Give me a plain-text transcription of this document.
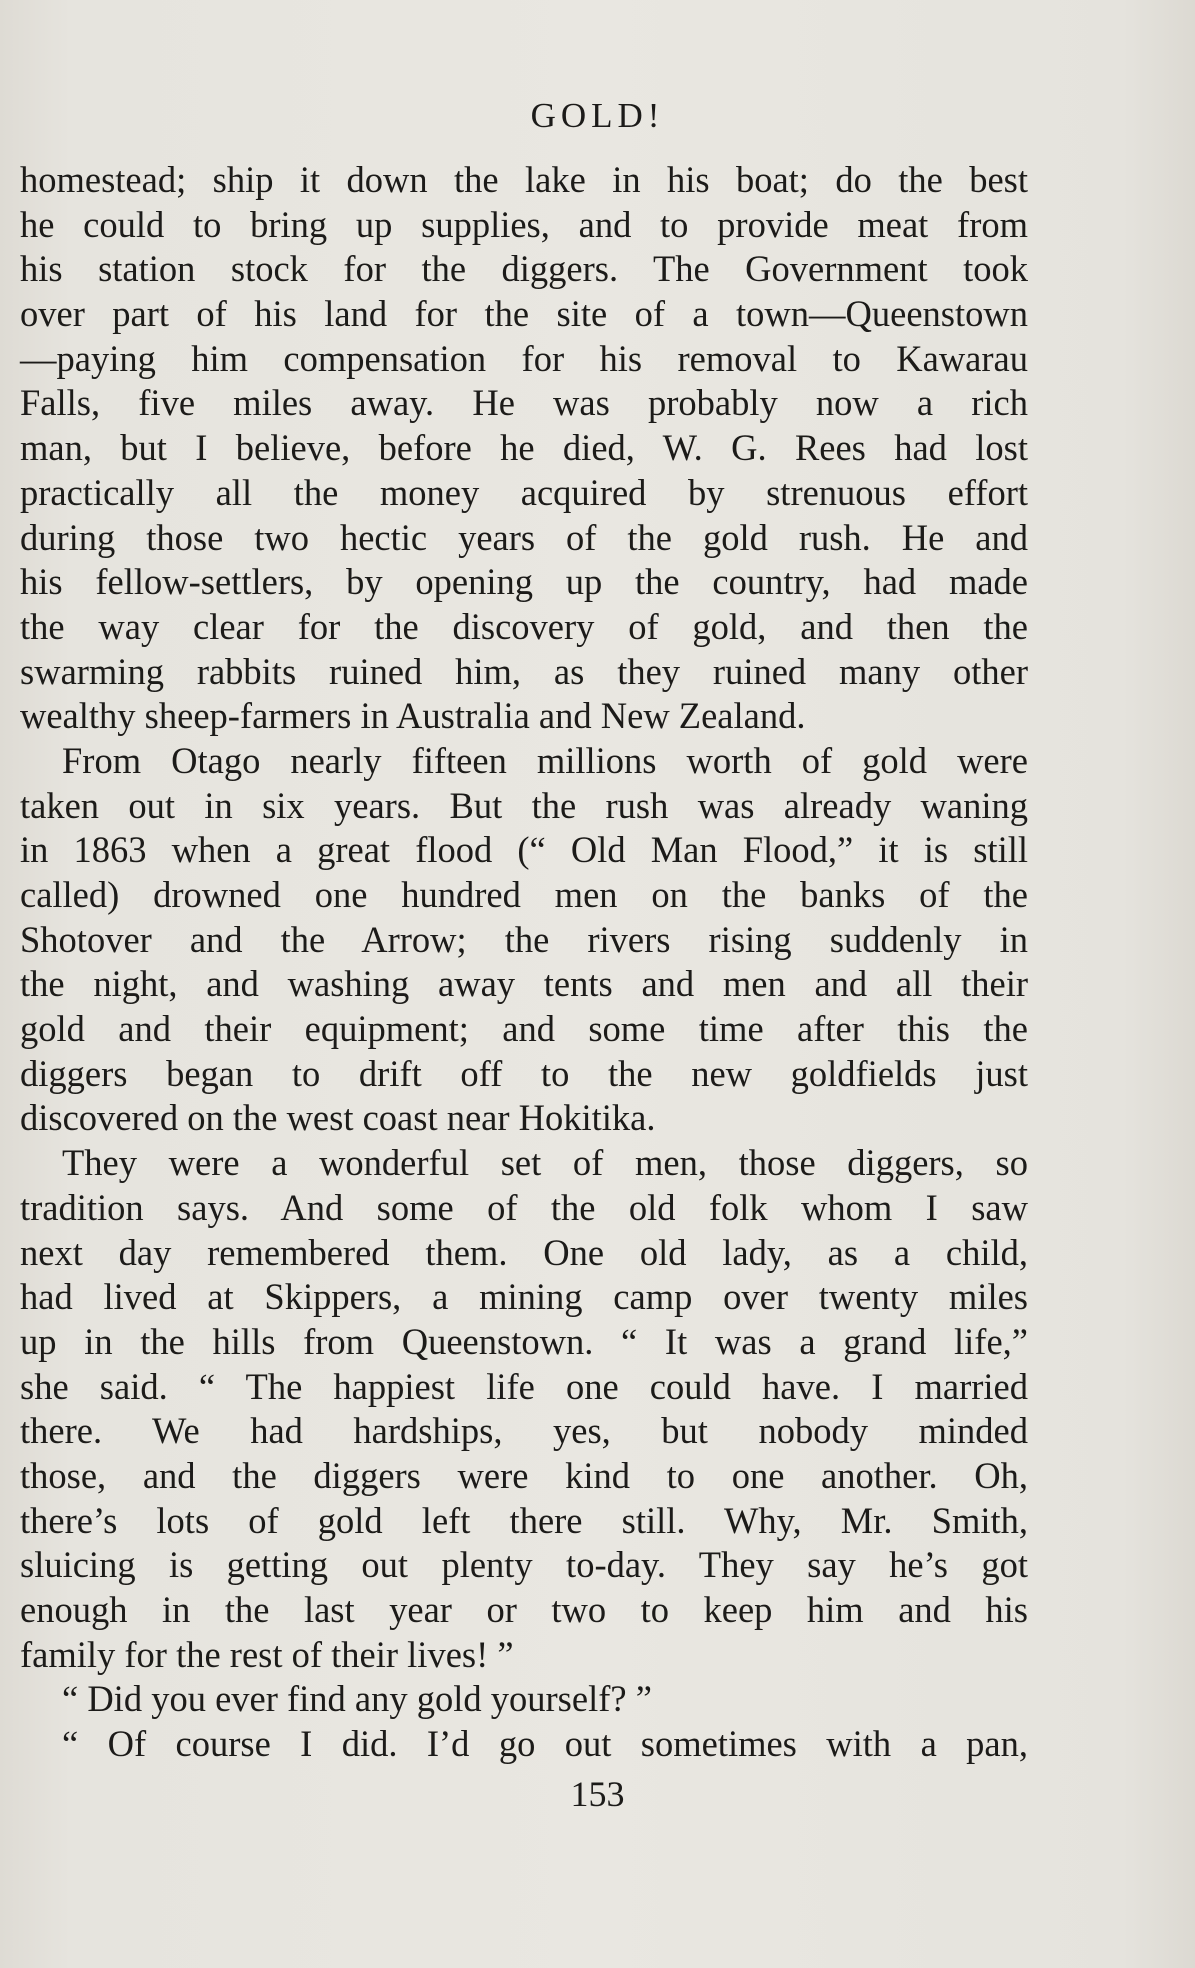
GOLD!
homestead; ship it down the lake in his boat; do the best
he could to bring up supplies, and to provide meat from
his station stock for the diggers. The Government took
over part of his land for the site of a town—Queenstown
—paying him compensation for his removal to Kawarau
Falls, five miles away. He was probably now a rich
man, but I believe, before he died, W. G. Rees had lost
practically all the money acquired by strenuous effort
during those two hectic years of the gold rush. He and
his fellow-settlers, by opening up the country, had made
the way clear for the discovery of gold, and then the
swarming rabbits ruined him, as they ruined many other
wealthy sheep-farmers in Australia and New Zealand.
From Otago nearly fifteen millions worth of gold were
taken out in six years. But the rush was already waning
in 1863 when a great flood (“ Old Man Flood,” it is still
called) drowned one hundred men on the banks of the
Shotover and the Arrow; the rivers rising suddenly in
the night, and washing away tents and men and all their
gold and their equipment; and some time after this the
diggers began to drift off to the new goldfields just
discovered on the west coast near Hokitika.
They were a wonderful set of men, those diggers, so
tradition says. And some of the old folk whom I saw
next day remembered them. One old lady, as a child,
had lived at Skippers, a mining camp over twenty miles
up in the hills from Queenstown. “ It was a grand life,”
she said. “ The happiest life one could have. I married
there. We had hardships, yes, but nobody minded
those, and the diggers were kind to one another. Oh,
there’s lots of gold left there still. Why, Mr. Smith,
sluicing is getting out plenty to-day. They say he’s got
enough in the last year or two to keep him and his
family for the rest of their lives! ”
“ Did you ever find any gold yourself? ”
“ Of course I did. I’d go out sometimes with a pan,
153
